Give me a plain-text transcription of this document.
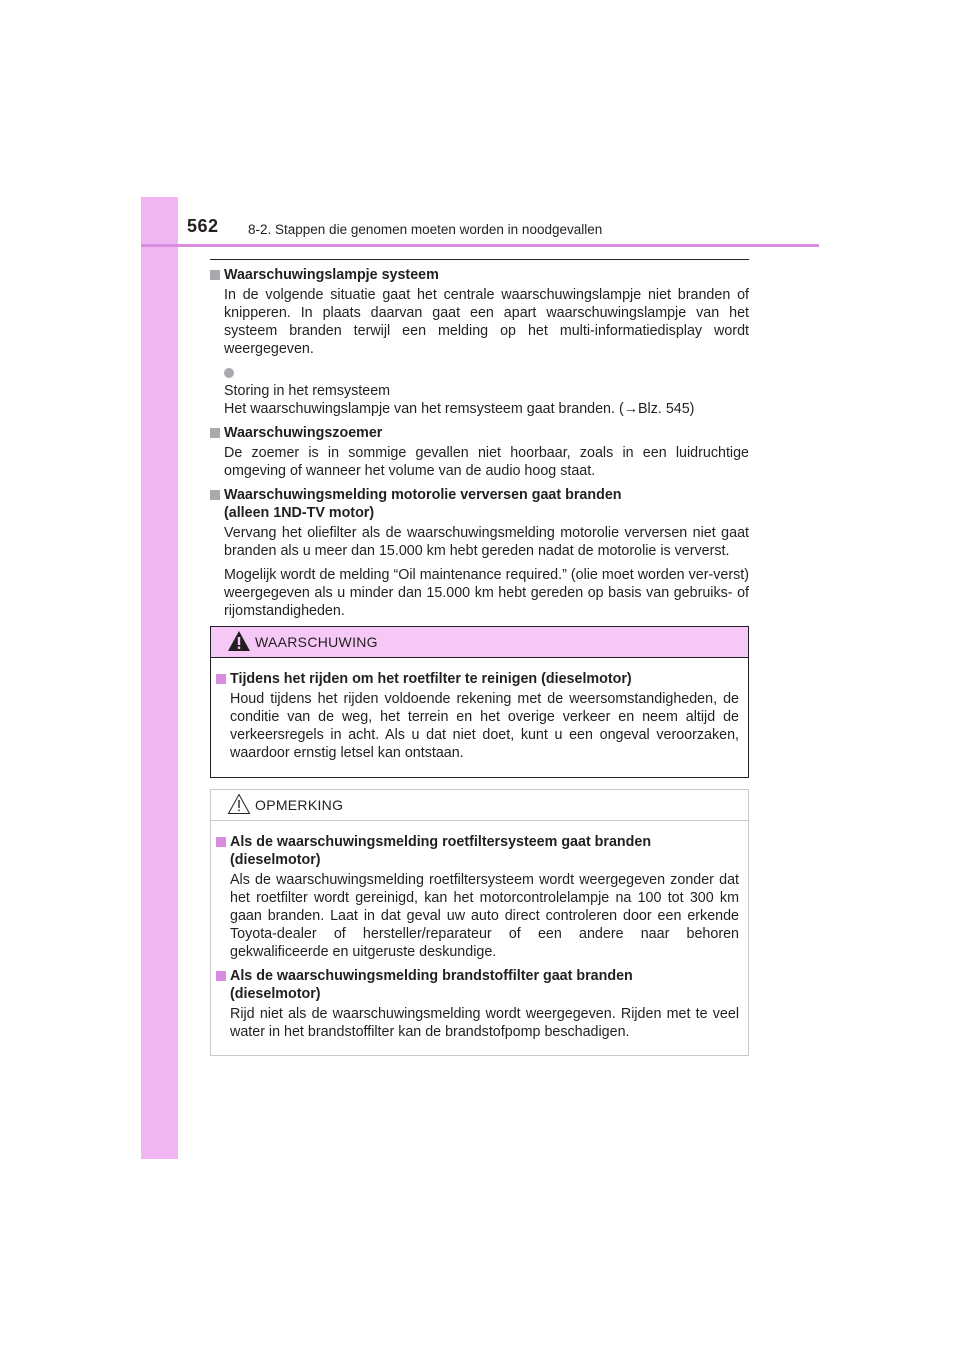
562 8-2. Stappen die genomen moeten worden in noodgevallen
Waarschuwingslampje systeem

In de volgende situatie gaat het centrale waarschuwingslampje niet branden of knipperen. In plaats daarvan gaat een apart waarschuwingslampje van het systeem branden terwijl een melding op het multi-informatiedisplay wordt weergegeven.

Storing in het remsysteem
Het waarschuwingslampje van het remsysteem gaat branden. (→Blz. 545)
Waarschuwingszoemer

De zoemer is in sommige gevallen niet hoorbaar, zoals in een luidruchtige omgeving of wanneer het volume van de audio hoog staat.

Waarschuwingsmelding motorolie verversen gaat branden
(alleen 1ND-TV motor)

Vervang het oliefilter als de waarschuwingsmelding motorolie verversen niet gaat branden als u meer dan 15.000 km hebt gereden nadat de motorolie is ververst.

Mogelijk wordt de melding “Oil maintenance required.” (olie moet worden ver-verst) weergegeven als u minder dan 15.000 km hebt gereden op basis van gebruiks- of rijomstandigheden.

WAARSCHUWING
Tijdens het rijden om het roetfilter te reinigen (dieselmotor)

Houd tijdens het rijden voldoende rekening met de weersomstandigheden, de conditie van de weg, het terrein en het overige verkeer en neem altijd de verkeersregels in acht. Als u dat niet doet, kunt u een ongeval veroorzaken, waardoor ernstig letsel kan ontstaan.

OPMERKING
Als de waarschuwingsmelding roetfiltersysteem gaat branden
(dieselmotor)

Als de waarschuwingsmelding roetfiltersysteem wordt weergegeven zonder dat het roetfilter wordt gereinigd, kan het motorcontrolelampje na 100 tot 300 km gaan branden. Laat in dat geval uw auto direct controleren door een erkende Toyota-dealer of hersteller/reparateur of een andere naar behoren gekwalificeerde en uitgeruste deskundige.

Als de waarschuwingsmelding brandstoffilter gaat branden
(dieselmotor)

Rijd niet als de waarschuwingsmelding wordt weergegeven. Rijden met te veel water in het brandstoffilter kan de brandstofpomp beschadigen.
